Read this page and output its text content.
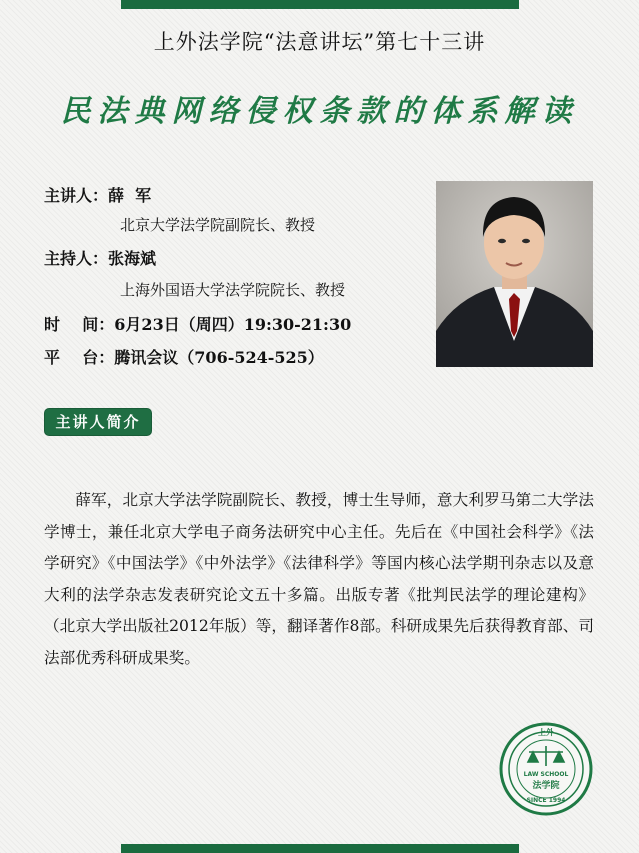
上外法学院“法意讲坛”第七十三讲
民法典网络侵权条款的体系解读
主讲人：薛  军
北京大学法学院副院长、教授
主持人：张海斌
上海外国语大学法学院院长、教授
时    间：6月23日（周四）19:30-21:30
平    台：腾讯会议（706-524-525）
主讲人简介
薛军，北京大学法学院副院长、教授，博士生导师，意大利罗马第二大学法学博士，兼任北京大学电子商务法研究中心主任。先后在《中国社会科学》《法学研究》《中国法学》《中外法学》《法律科学》等国内核心法学期刊杂志以及意大利的法学杂志发表研究论文五十多篇。出版专著《批判民法学的理论建构》（北京大学出版社2012年版）等，翻译著作8部。科研成果先后获得教育部、司法部优秀科研成果奖。
上外
LAW SCHOOL
法学院
SINCE 1994
